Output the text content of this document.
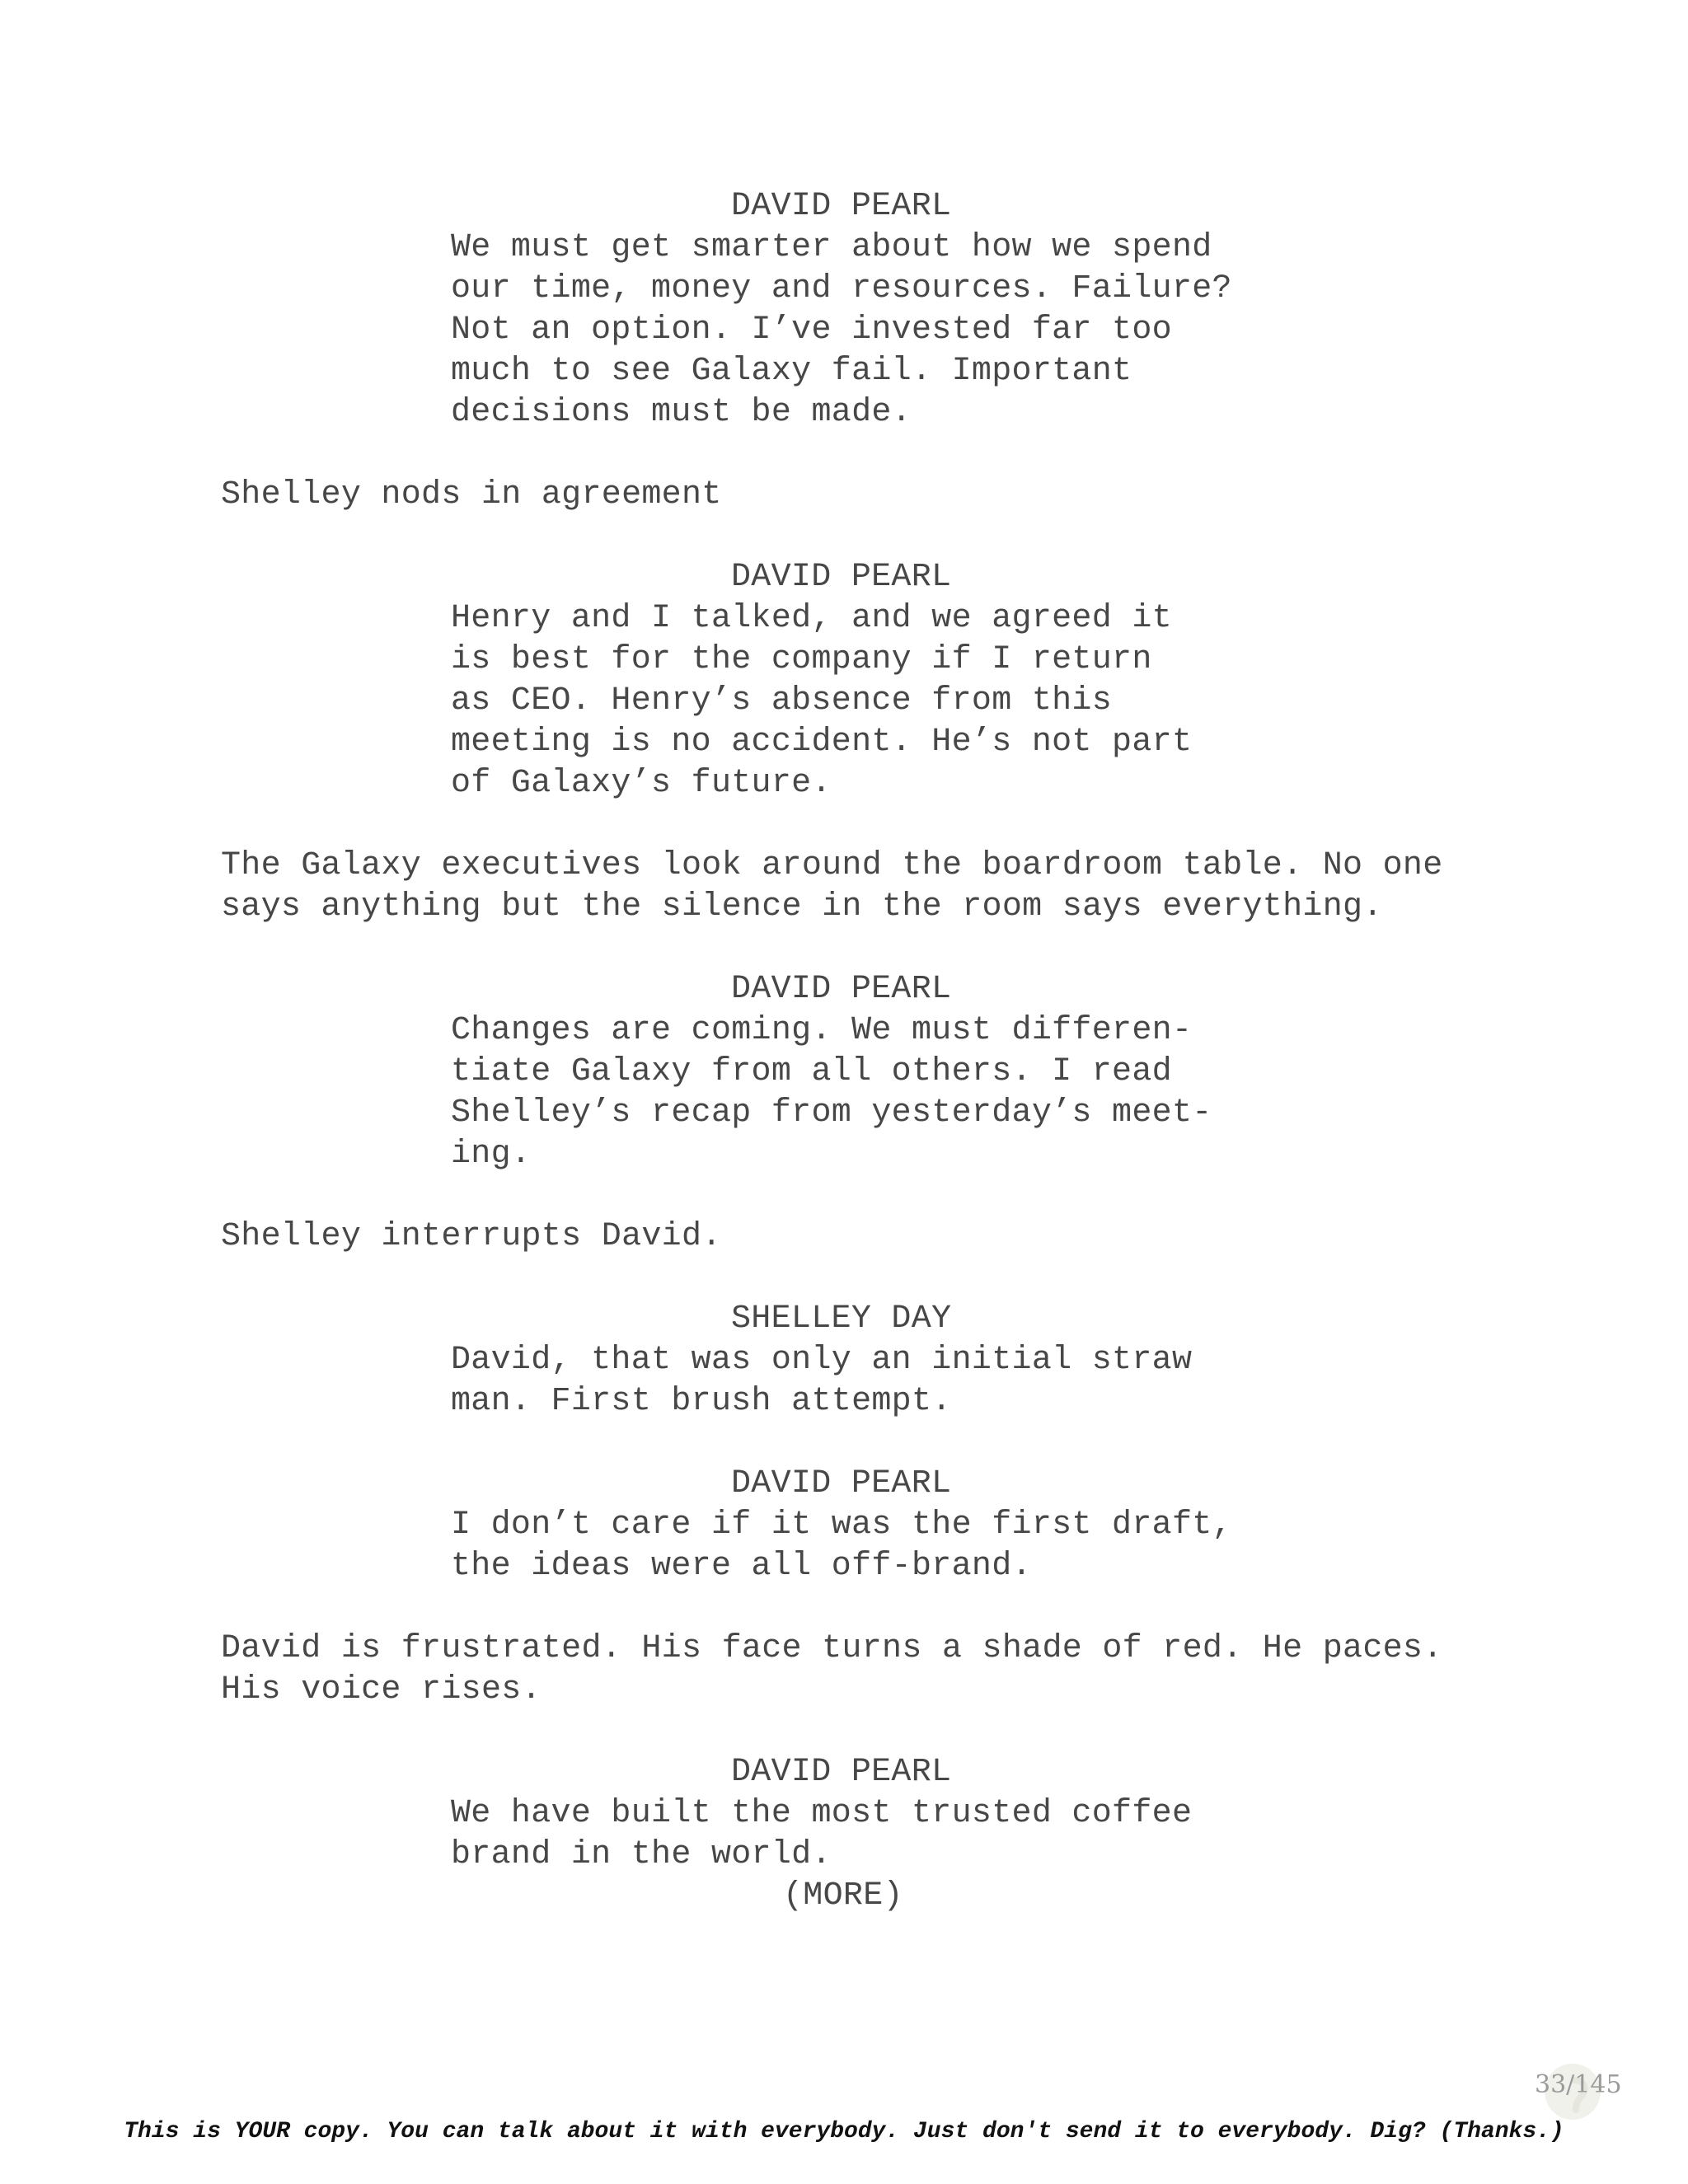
DAVID PEARL
We must get smarter about how we spend
our time, money and resources. Failure?
Not an option. I’ve invested far too
much to see Galaxy fail. Important
decisions must be made.
Shelley nods in agreement
DAVID PEARL
Henry and I talked, and we agreed it
is best for the company if I return
as CEO. Henry’s absence from this
meeting is no accident. He’s not part
of Galaxy’s future.
The Galaxy executives look around the boardroom table. No one
says anything but the silence in the room says everything.
DAVID PEARL
Changes are coming. We must differen-
tiate Galaxy from all others. I read
Shelley’s recap from yesterday’s meet-
ing.
Shelley interrupts David.
SHELLEY DAY
David, that was only an initial straw
man. First brush attempt.
DAVID PEARL
I don’t care if it was the first draft,
the ideas were all off-brand.
David is frustrated. His face turns a shade of red. He paces.
His voice rises.
DAVID PEARL
We have built the most trusted coffee
brand in the world.
(MORE)
33/145
This is YOUR copy. You can talk about it with everybody. Just don't send it to everybody. Dig? (Thanks.)
